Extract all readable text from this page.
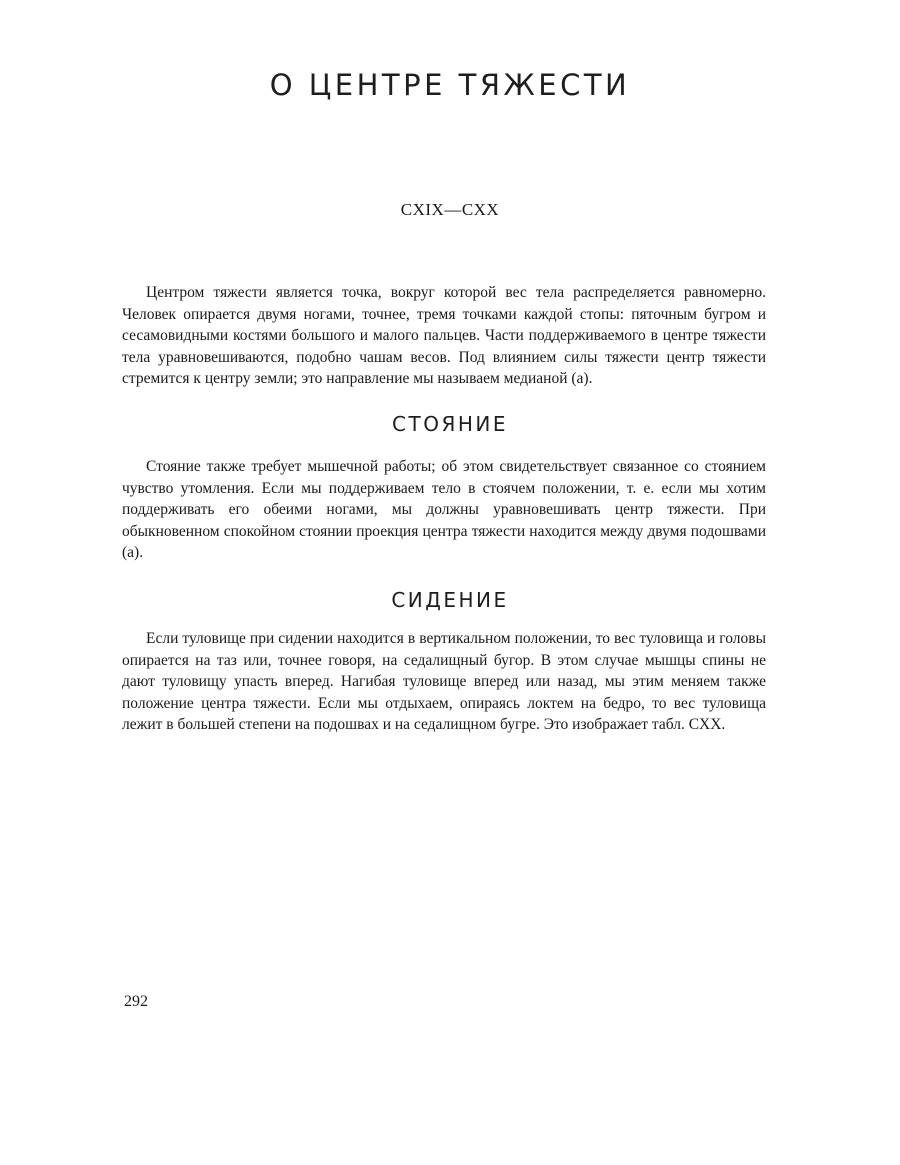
О ЦЕНТРЕ ТЯЖЕСТИ
CXIX—CXX

Центром тяжести является точка, вокруг которой вес тела распределяется равномерно. Человек опирается двумя ногами, точнее, тремя точками каждой стопы: пяточным бугром и сесамовидными костями большого и малого пальцев. Части поддерживаемого в центре тяжести тела уравновешиваются, подобно чашам весов. Под влиянием силы тяжести центр тяжести стремится к центру земли; это направление мы называем медианой (a).

СТОЯНИЕ

Стояние также требует мышечной работы; об этом свидетельствует связанное со стоянием чувство утомления. Если мы поддерживаем тело в стоячем положении, т. е. если мы хотим поддерживать его обеими ногами, мы должны уравновешивать центр тяжести. При обыкновенном спокойном стоянии проекция центра тяжести находится между двумя подошвами (a).

СИДЕНИЕ

Если туловище при сидении находится в вертикальном положении, то вес туловища и головы опирается на таз или, точнее говоря, на седалищный бугор. В этом случае мышцы спины не дают туловищу упасть вперед. Нагибая туловище вперед или назад, мы этим меняем также положение центра тяжести. Если мы отдыхаем, опираясь локтем на бедро, то вес туловища лежит в большей степени на подошвах и на седалищном бугре. Это изображает табл. CXX.

292
